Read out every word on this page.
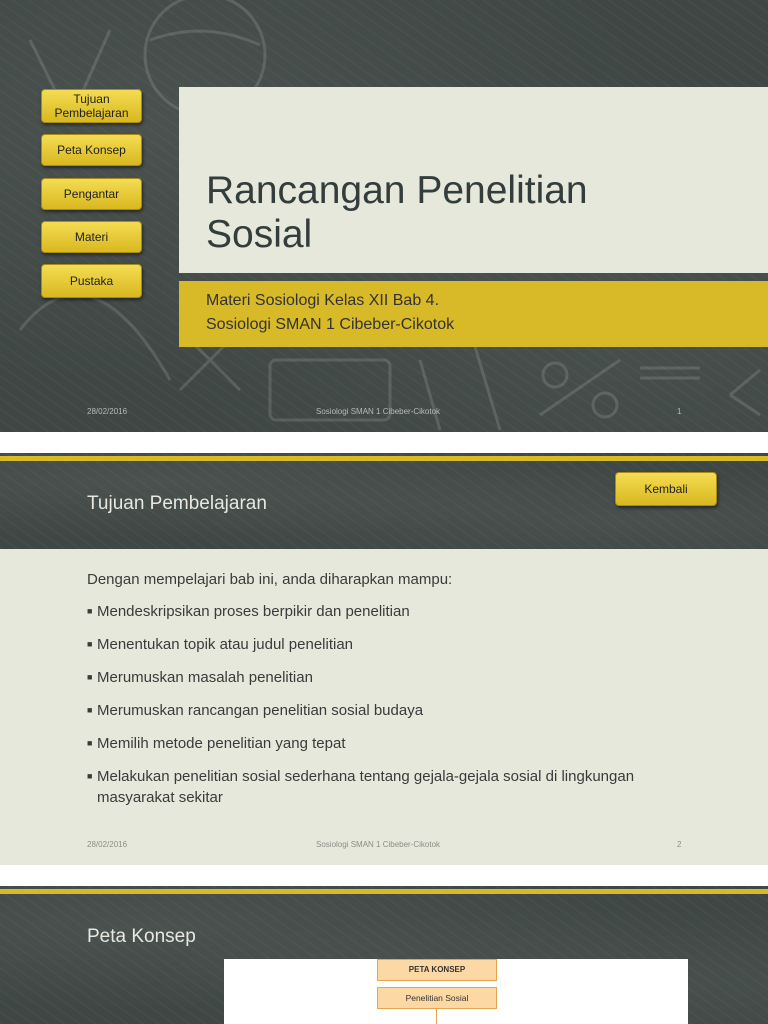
Tujuan Pembelajaran
Peta Konsep
Pengantar
Materi
Pustaka
Rancangan Penelitian
Sosial
Materi Sosiologi Kelas XII Bab 4.
Sosiologi SMAN 1 Cibeber-Cikotok
28/02/2016	Sosiologi SMAN 1 Cibeber-Cikotok	1
Tujuan Pembelajaran
Kembali
Dengan mempelajari bab ini, anda diharapkan mampu:
■ Mendeskripsikan proses berpikir dan penelitian
■ Menentukan topik atau judul penelitian
■ Merumuskan masalah penelitian
■ Merumuskan rancangan penelitian sosial budaya
■ Memilih metode penelitian yang tepat
■ Melakukan penelitian sosial sederhana tentang gejala-gejala sosial di lingkungan masyarakat sekitar
28/02/2016	Sosiologi SMAN 1 Cibeber-Cikotok	2
Peta Konsep
PETA KONSEP
Penelitian Sosial
